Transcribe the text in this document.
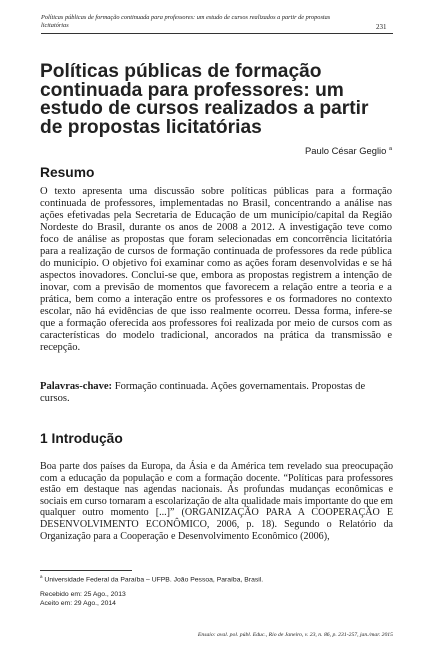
Políticas públicas de formação continuada para professores: um estudo de cursos realizados a partir de propostas licitatórias	231
Políticas públicas de formação continuada para professores: um estudo de cursos realizados a partir de propostas licitatórias
Paulo César Geglio $^a$
Resumo

O texto apresenta uma discussão sobre políticas públicas para a formação continuada de professores, implementadas no Brasil, concentrando a análise nas ações efetivadas pela Secretaria de Educação de um município/capital da Região Nordeste do Brasil, durante os anos de 2008 a 2012. A investigação teve como foco de análise as propostas que foram selecionadas em concorrência licitatória para a realização de cursos de formação continuada de professores da rede pública do município. O objetivo foi examinar como as ações foram desenvolvidas e se há aspectos inovadores. Conclui-se que, embora as propostas registrem a intenção de inovar, com a previsão de momentos que favorecem a relação entre a teoria e a prática, bem como a interação entre os professores e os formadores no contexto escolar, não há evidências de que isso realmente ocorreu. Dessa forma, infere-se que a formação oferecida aos professores foi realizada por meio de cursos com as características do modelo tradicional, ancorados na prática da transmissão e recepção.

Palavras-chave: Formação continuada. Ações governamentais. Propostas de cursos.

1 Introdução

Boa parte dos países da Europa, da Ásia e da América tem revelado sua preocupação com a educação da população e com a formação docente. “Políticas para professores estão em destaque nas agendas nacionais. As profundas mudanças econômicas e sociais em curso tornaram a escolarização de alta qualidade mais importante do que em qualquer outro momento [...]” (ORGANIZAÇÃO PARA A COOPERAÇÃO E DESENVOLVIMENTO ECONÔMICO, 2006, p. 18). Segundo o Relatório da Organização para a Cooperação e Desenvolvimento Econômico (2006),

$^a$ Universidade Federal da Paraíba – UFPB. João Pessoa, Paraíba, Brasil.
Recebido em: 25 Ago., 2013
Aceito em: 29 Ago., 2014
Ensaio: aval. pol. públ. Educ., Rio de Janeiro, v. 23, n. 86, p. 231-257, jan./mar. 2015
